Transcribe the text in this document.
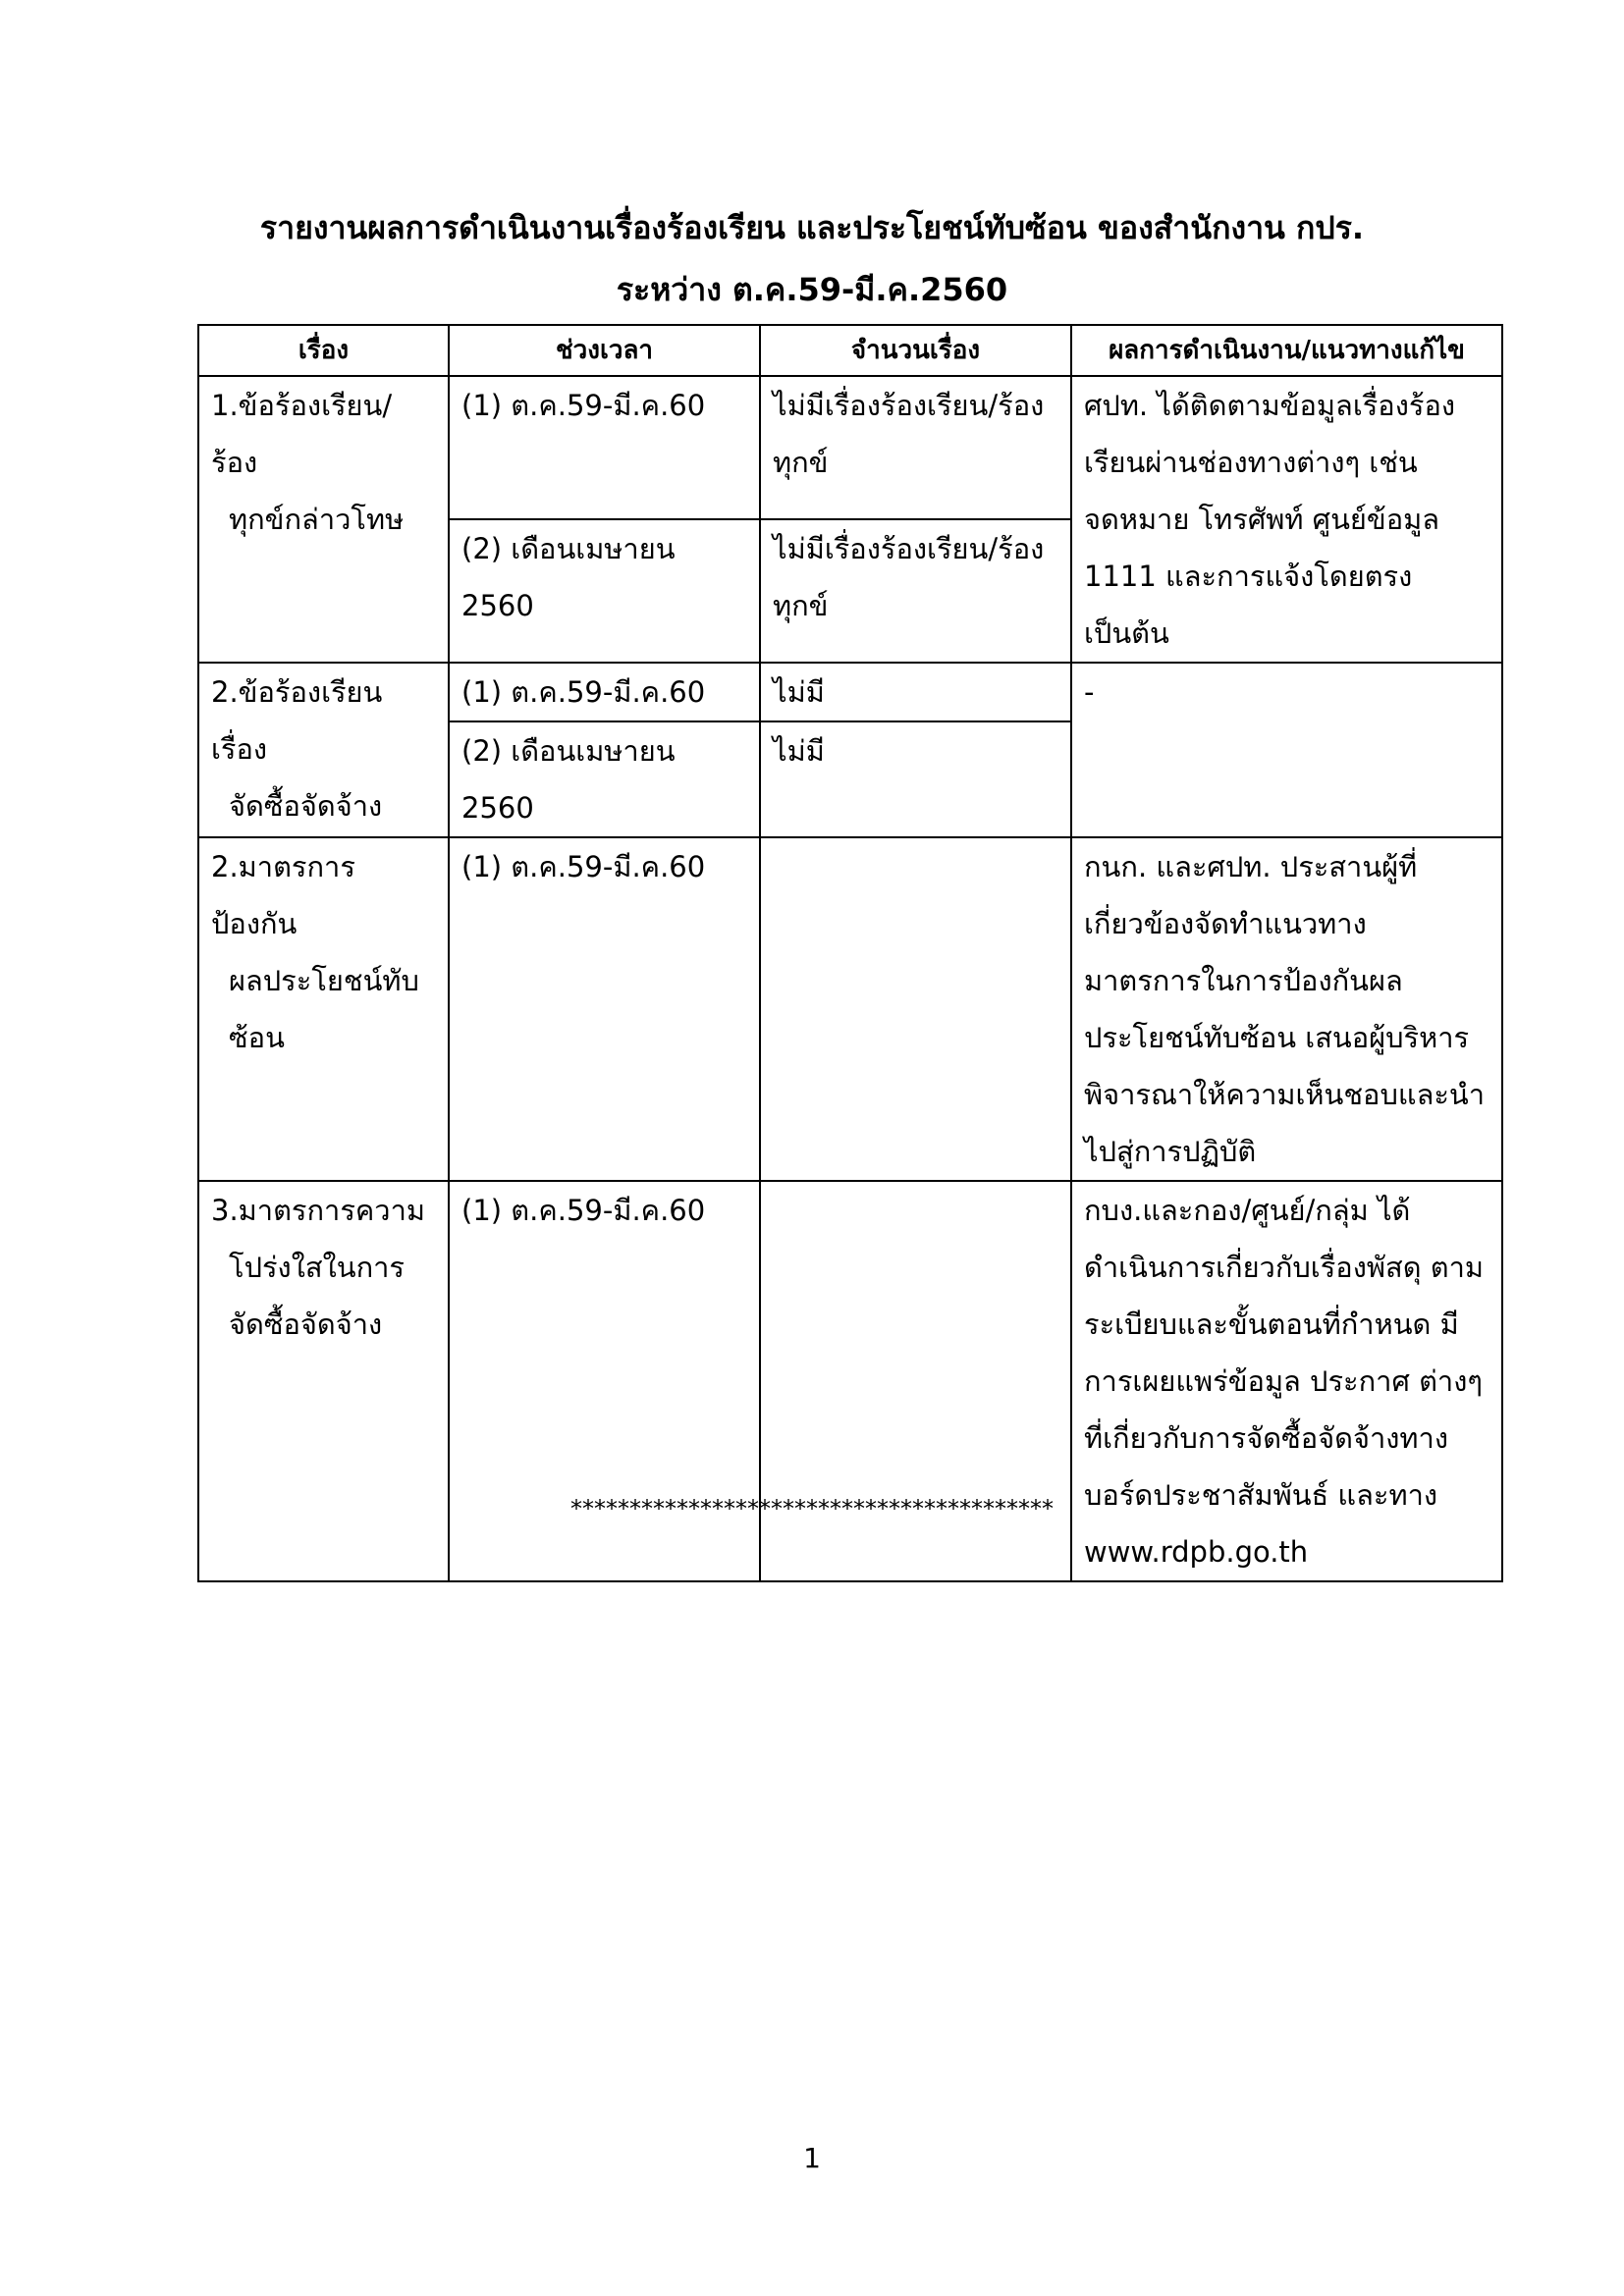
รายงานผลการดำเนินงานเรื่องร้องเรียน และประโยชน์ทับซ้อน ของสำนักงาน กปร.
ระหว่าง ต.ค.59-มี.ค.2560
เรื่อง	ช่วงเวลา	จำนวนเรื่อง	ผลการดำเนินงาน/แนวทางแก้ไข

1.ข้อร้องเรียน/ร้อง
ทุกข์กล่าวโทษ	(1) ต.ค.59-มี.ค.60	ไม่มีเรื่องร้องเรียน/ร้องทุกข์	ศปท. ได้ติดตามข้อมูลเรื่องร้องเรียนผ่านช่องทางต่างๆ เช่น จดหมาย โทรศัพท์ ศูนย์ข้อมูล 1111 และการแจ้งโดยตรง เป็นต้น
	(2) เดือนเมษายน 2560	ไม่มีเรื่องร้องเรียน/ร้องทุกข์	

2.ข้อร้องเรียนเรื่อง
จัดซื้อจัดจ้าง	(1) ต.ค.59-มี.ค.60	ไม่มี	-
	(2) เดือนเมษายน 2560	ไม่มี	

2.มาตรการป้องกัน
ผลประโยชน์ทับ
ซ้อน	(1) ต.ค.59-มี.ค.60		กนก. และศปท. ประสานผู้ที่เกี่ยวข้องจัดทำแนวทาง มาตรการในการป้องกันผลประโยชน์ทับซ้อน เสนอผู้บริหารพิจารณาให้ความเห็นชอบและนำไปสู่การปฏิบัติ

3.มาตรการความ
โปร่งใสในการ
จัดซื้อจัดจ้าง	(1) ต.ค.59-มี.ค.60		กบง.และกอง/ศูนย์/กลุ่ม ได้ดำเนินการเกี่ยวกับเรื่องพัสดุ ตามระเบียบและขั้นตอนที่กำหนด มีการเผยแพร่ข้อมูล ประกาศ ต่างๆ ที่เกี่ยวกับการจัดซื้อจัดจ้างทางบอร์ดประชาสัมพันธ์ และทาง www.rdpb.go.th
*****************************************
1
